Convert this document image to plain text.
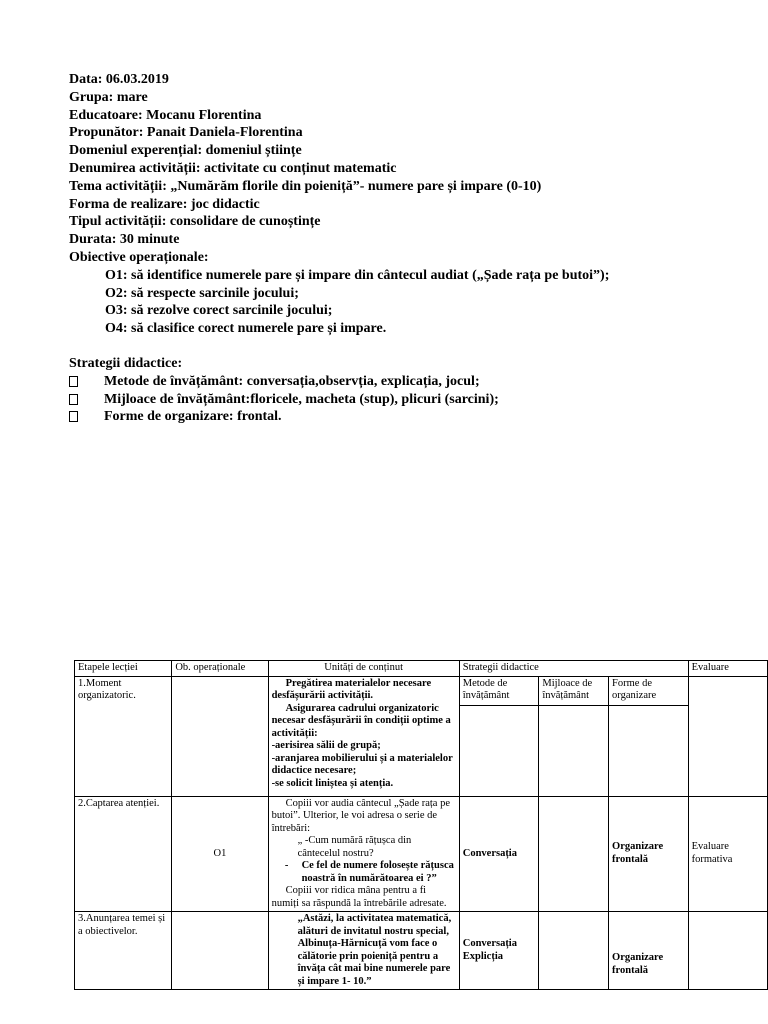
Data: 06.03.2019
Grupa: mare
Educatoare: Mocanu Florentina
Propunător: Panait Daniela-Florentina
Domeniul experențial: domeniul științe
Denumirea activității: activitate cu conținut matematic
Tema activității: „Numărăm florile din poieniță”- numere pare și impare (0-10)
Forma de realizare: joc didactic
Tipul activității: consolidare de cunoștințe
Durata: 30 minute
Obiective operaționale:
O1: să identifice numerele pare și impare din cântecul audiat („Șade rața pe butoi”);
O2: să respecte sarcinile jocului;
O3: să rezolve corect sarcinile jocului;
O4: să clasifice corect numerele pare și impare.
Strategii didactice:
Metode de învățământ: conversația,observția, explicația, jocul;
Mijloace de învățământ:floricele, macheta (stup), plicuri (sarcini);
Forme de organizare: frontal.
Etapele lecției	Ob. operaționale	Unități de conținut	Strategii didactice			Evaluare
1.Moment organizatoric.		Pregătirea materialelor necesare desfășurării activității.
Asigurarea cadrului organizatoric necesar desfășurării în condiții optime a activității:
-aerisirea sălii de grupă;
-aranjarea mobilierului și a materialelor didactice necesare;
-se solicit liniștea și atenția.	Metode de învățământ	Mijloace de învățământ	Forme de organizare	

2.Captarea atenției.	O1	Copiii vor audia cântecul „Șade rața pe butoi”. Ulterior, le voi adresa o serie de întrebări:
„ -Cum numără rățușca din cântecelul nostru?
- Ce fel de numere folosește rățusca noastră în numărătoarea ei ?”
Copiii vor ridica mâna pentru a fi numiți sa răspundă la întrebările adresate.	Conversația		Organizare frontală	Evaluare formativa
3.Anunțarea temei și a obiectivelor.		„Astăzi, la activitatea matematică, alături de invitatul nostru special, Albinuța-Hărnicuță vom face o călătorie prin poieniță pentru a învăța cât mai bine numerele pare și impare 1- 10.”	Conversația Explicția		Organizare frontală	
